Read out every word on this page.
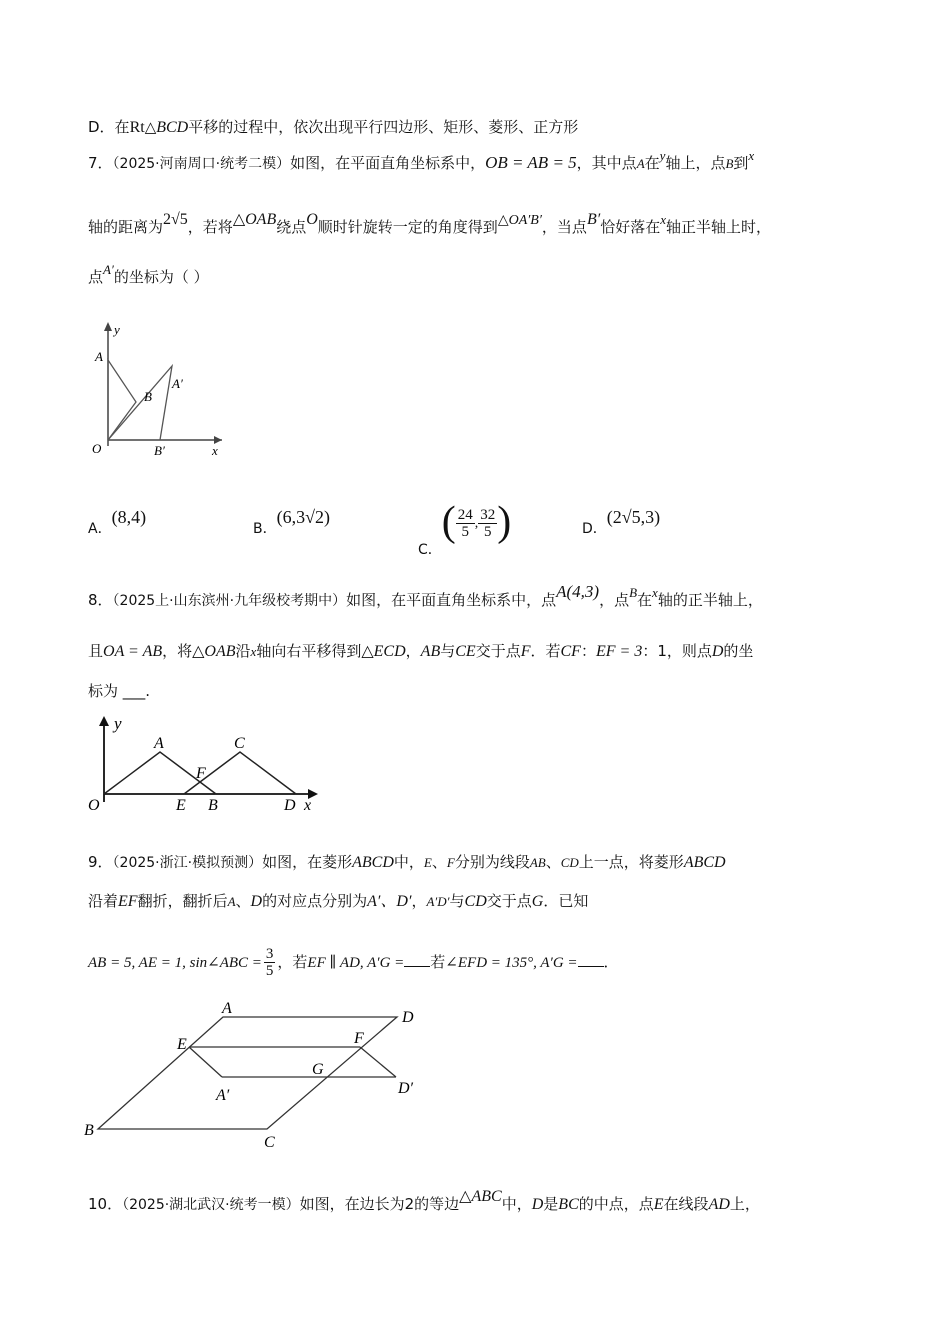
D．在Rt△BCD平移的过程中，依次出现平行四边形、矩形、菱形、正方形
7．（2025·河南周口·统考二模）如图，在平面直角坐标系中，OB = AB = 5，其中点A在y轴上，点B到x
轴的距离为2√5，若将△OAB绕点O顺时针旋转一定的角度得到△OA′B′，当点B′恰好落在x轴正半轴上时，
点A′的坐标为（ ）
y
A
B
A′
O	B′	x
A．(8,4)
B．(6,3√2)
C．( $\frac{24}{5}$ , $\frac{32}{5}$ )	D．(2√5,3)
8．（2025上·山东滨州·九年级校考期中）如图，在平面直角坐标系中，点A(4,3)，点B在x轴的正半轴上，
且OA = AB，将△OAB沿x轴向右平移得到△ECD，AB与CE交于点F．若CF：EF = 3：1，则点D的坐
标为 ___.
y
A	C
F
O	E B	D x
9．（2025·浙江·模拟预测）如图，在菱形ABCD中，E、F分别为线段AB、CD上一点，将菱形ABCD
沿着EF翻折，翻折后A、D的对应点分别为A′、D′，A′D′与CD交于点G．已知
AB = 5, AE = 1, sin∠ABC = $\frac{3}{5}$ ，若EF ∥ AD, A′G = 若∠EFD = 135°, A′G = ．
A
D
E	F
G
D′
A′
B
C
10．（2025·湖北武汉·统考一模）如图，在边长为2的等边△ABC中，D是BC的中点，点E在线段AD上，
